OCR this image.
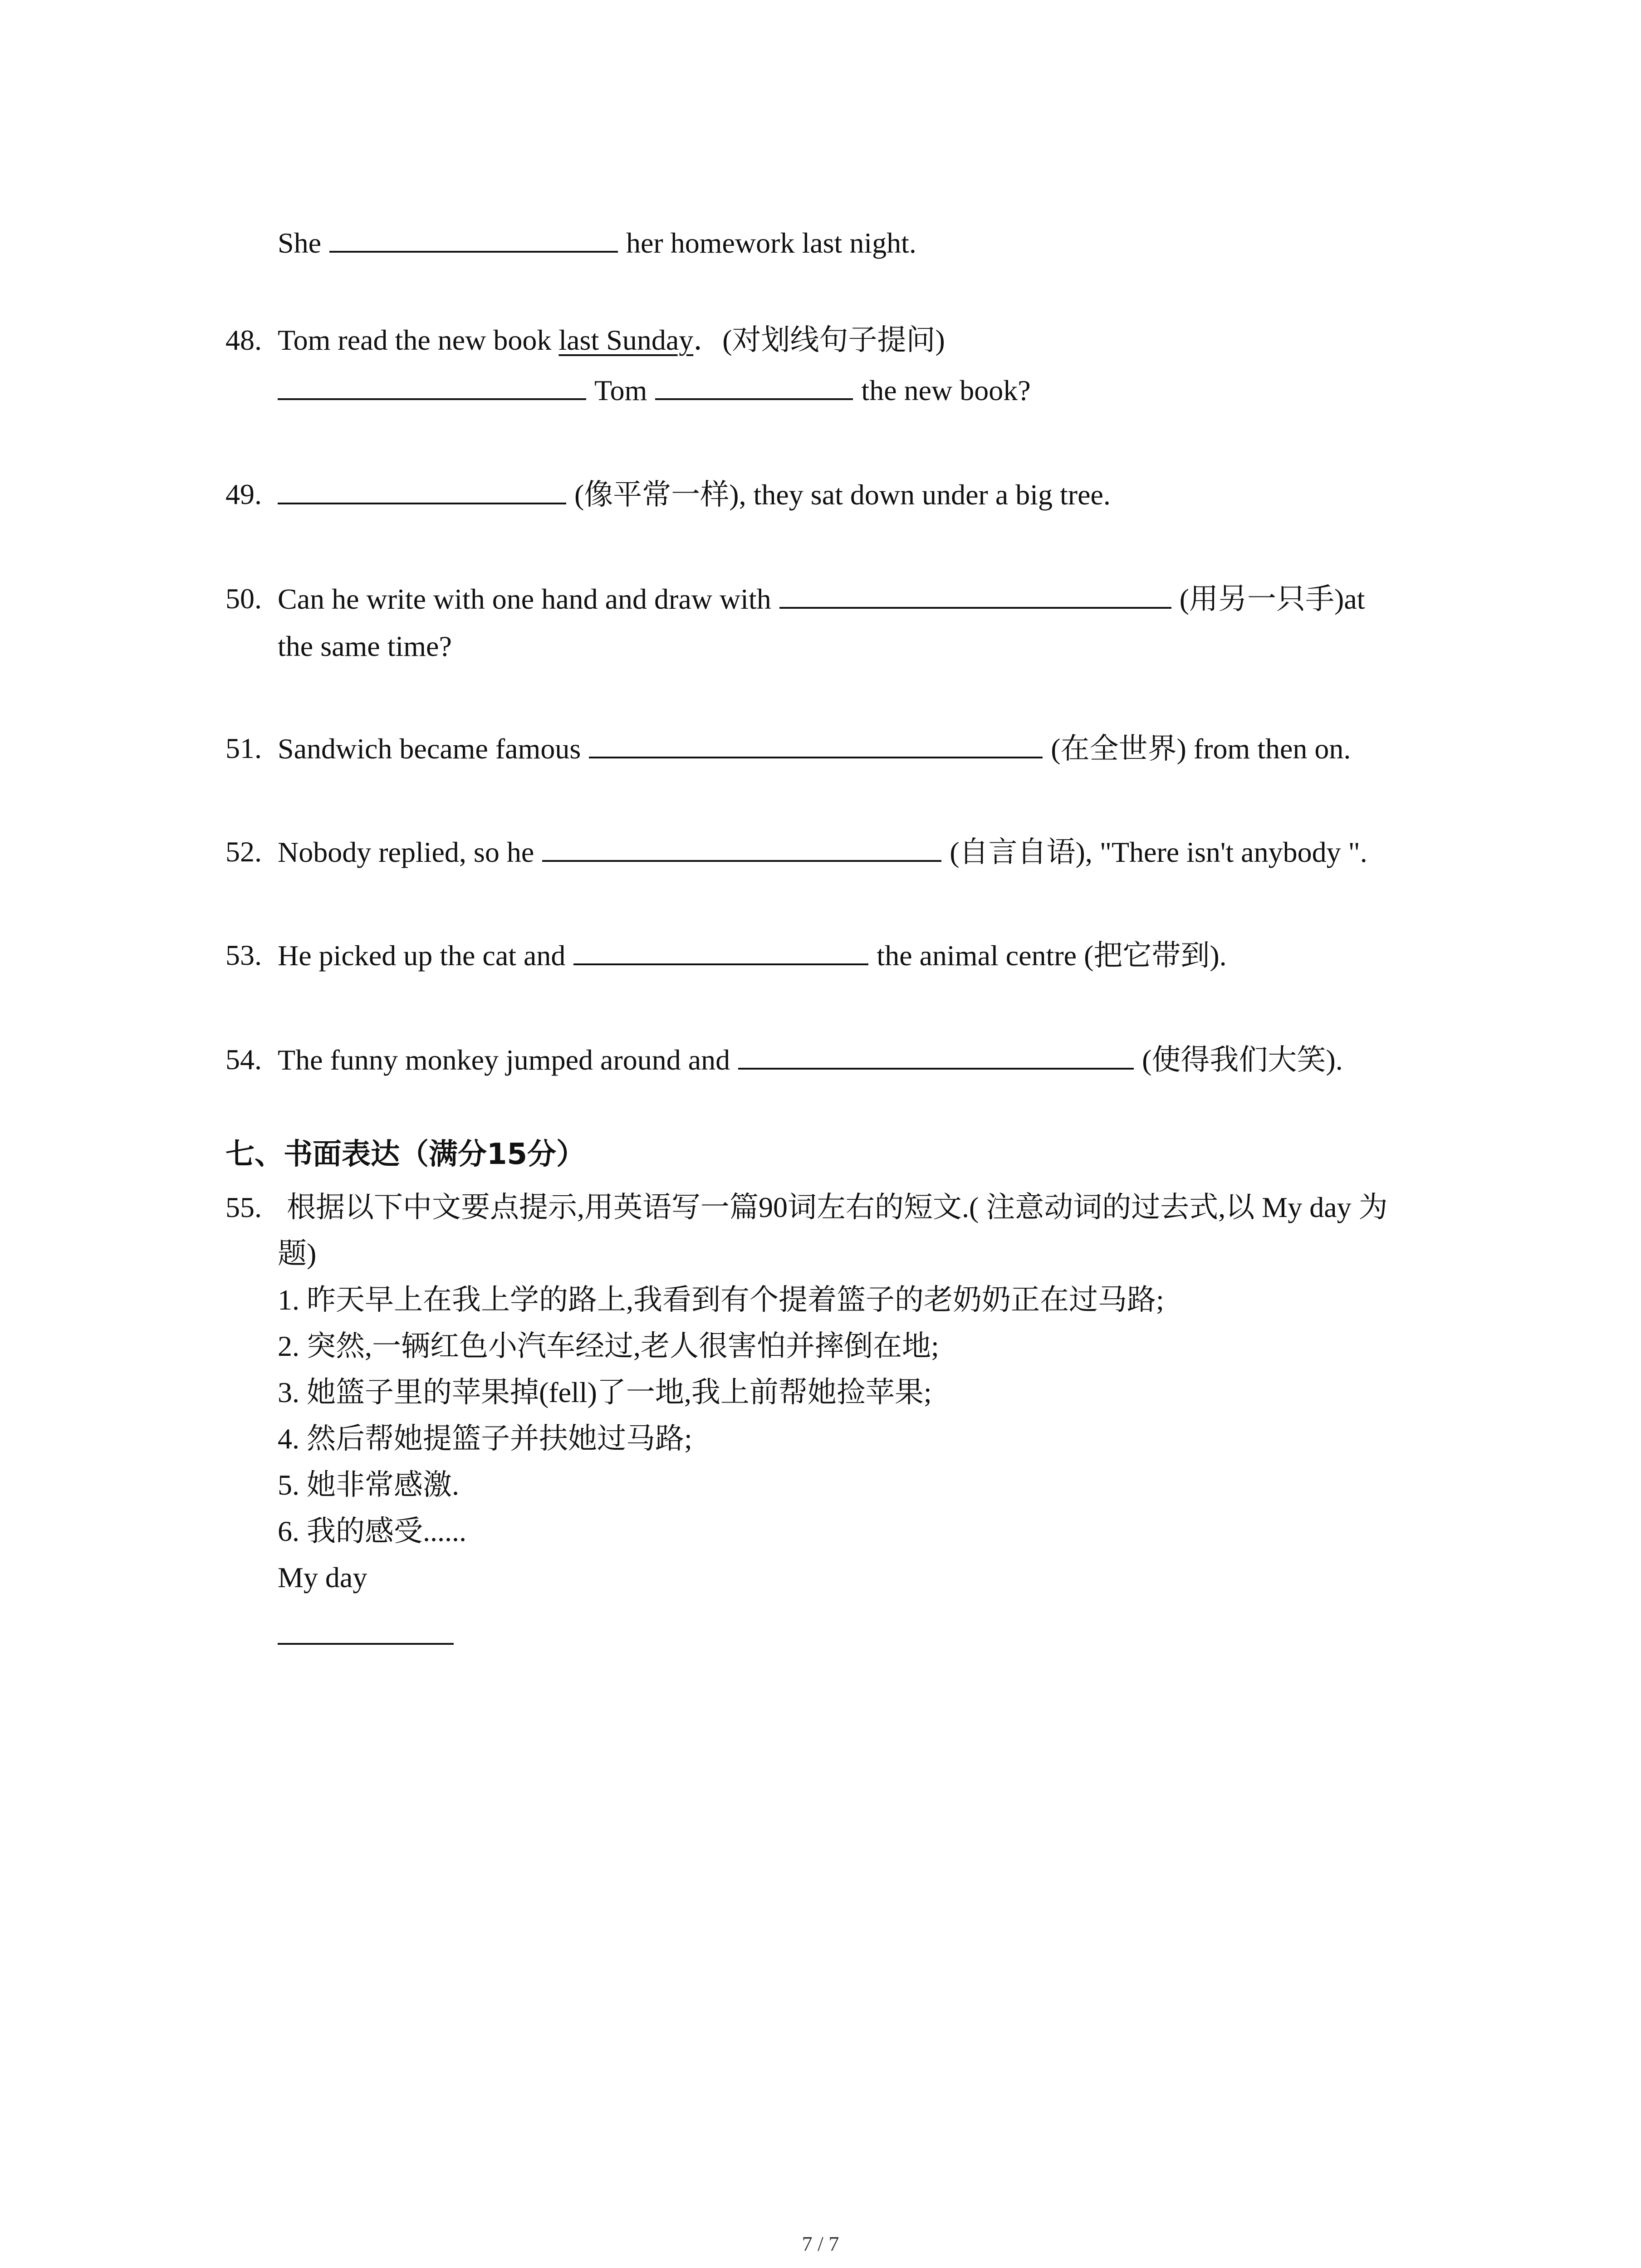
She	her homework last night.
48. Tom read the new book last Sunday．(对划线句子提问)
Tom	the new book?
49.	(像平常一样), they sat down under a big tree.
50. Can he write with one hand and draw with	(用另一只手)at
the same time?
51. Sandwich became famous	(在全世界) from then on.
52. Nobody replied, so he	(自言自语), "There isn't anybody ".
53. He picked up the cat and	the animal centre (把它带到).
54. The funny monkey jumped around and	(使得我们大笑).
七、书面表达（满分15分）
55. 根据以下中文要点提示,用英语写一篇90词左右的短文.( 注意动词的过去式,以 My day 为
题)
1. 昨天早上在我上学的路上,我看到有个提着篮子的老奶奶正在过马路;
2. 突然,一辆红色小汽车经过,老人很害怕并摔倒在地;
3. 她篮子里的苹果掉(fell)了一地,我上前帮她捡苹果;
4. 然后帮她提篮子并扶她过马路;
5. 她非常感激.
6. 我的感受......
My day
7 / 7
